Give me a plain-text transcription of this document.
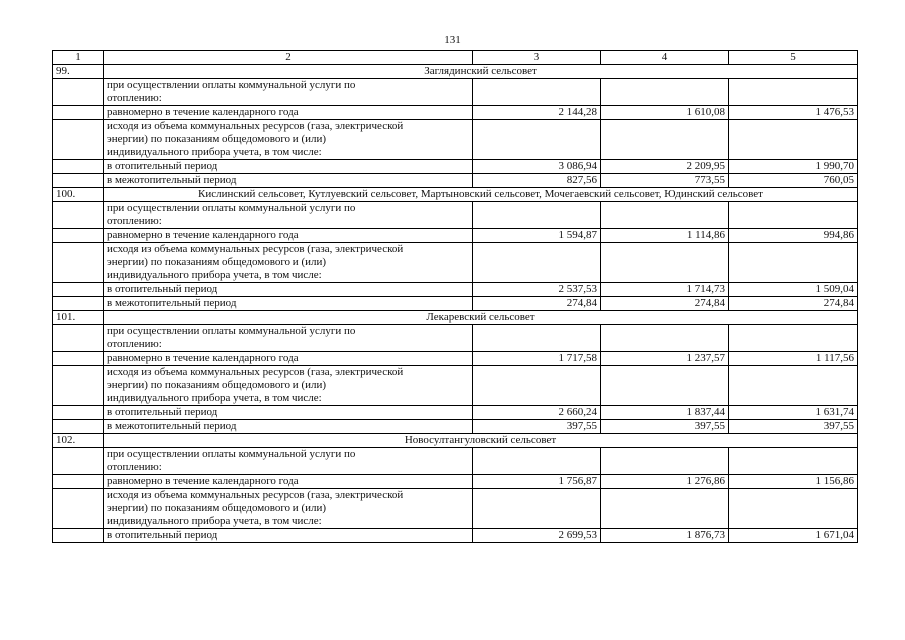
131
1	2	3	4	5
99.	Заглядинский сельсовет			

	при осуществлении оплаты коммунальной услуги по
отоплению:			

	равномерно в течение календарного года	2 144,28	1 610,08	1 476,53

	исходя из объема коммунальных ресурсов (газа, электрической
энергии) по показаниям общедомового и (или)
индивидуального прибора учета, в том числе:			

	в отопительный период	3 086,94	2 209,95	1 990,70
	в межотопительный период	827,56	773,55	760,05
100.	Кислинский сельсовет, Кутлуевский сельсовет, Мартыновский сельсовет, Мочегаевский сельсовет, Юдинский сельсовет			

	при осуществлении оплаты коммунальной услуги по
отоплению:			

	равномерно в течение календарного года	1 594,87	1 114,86	994,86

	исходя из объема коммунальных ресурсов (газа, электрической
энергии) по показаниям общедомового и (или)
индивидуального прибора учета, в том числе:			

	в отопительный период	2 537,53	1 714,73	1 509,04
	в межотопительный период	274,84	274,84	274,84
101.	Лекаревский сельсовет			

	при осуществлении оплаты коммунальной услуги по
отоплению:			

	равномерно в течение календарного года	1 717,58	1 237,57	1 117,56

	исходя из объема коммунальных ресурсов (газа, электрической
энергии) по показаниям общедомового и (или)
индивидуального прибора учета, в том числе:			

	в отопительный период	2 660,24	1 837,44	1 631,74
	в межотопительный период	397,55	397,55	397,55
102.	Новосултангуловский сельсовет			

	при осуществлении оплаты коммунальной услуги по
отоплению:			

	равномерно в течение календарного года	1 756,87	1 276,86	1 156,86

	исходя из объема коммунальных ресурсов (газа, электрической
энергии) по показаниям общедомового и (или)
индивидуального прибора учета, в том числе:			

	в отопительный период	2 699,53	1 876,73	1 671,04
